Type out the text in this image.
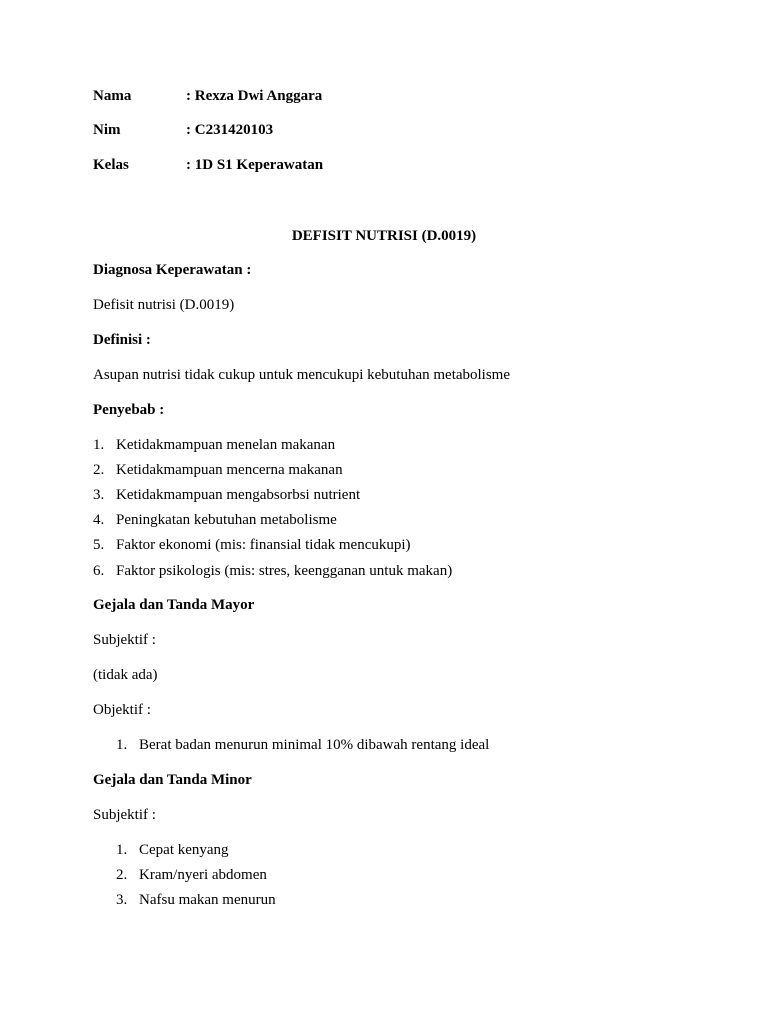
Nama	: Rexza Dwi Anggara
Nim	: C231420103
Kelas	: 1D S1 Keperawatan
DEFISIT NUTRISI (D.0019)
Diagnosa Keperawatan :
Defisit nutrisi (D.0019)
Definisi :
Asupan nutrisi tidak cukup untuk mencukupi kebutuhan metabolisme
Penyebab :
1. Ketidakmampuan menelan makanan
2. Ketidakmampuan mencerna makanan
3. Ketidakmampuan mengabsorbsi nutrient
4. Peningkatan kebutuhan metabolisme
5. Faktor ekonomi (mis: finansial tidak mencukupi)
6. Faktor psikologis (mis: stres, keengganan untuk makan)
Gejala dan Tanda Mayor
Subjektif :
(tidak ada)
Objektif :
1. Berat badan menurun minimal 10% dibawah rentang ideal
Gejala dan Tanda Minor
Subjektif :
1. Cepat kenyang
2. Kram/nyeri abdomen
3. Nafsu makan menurun
